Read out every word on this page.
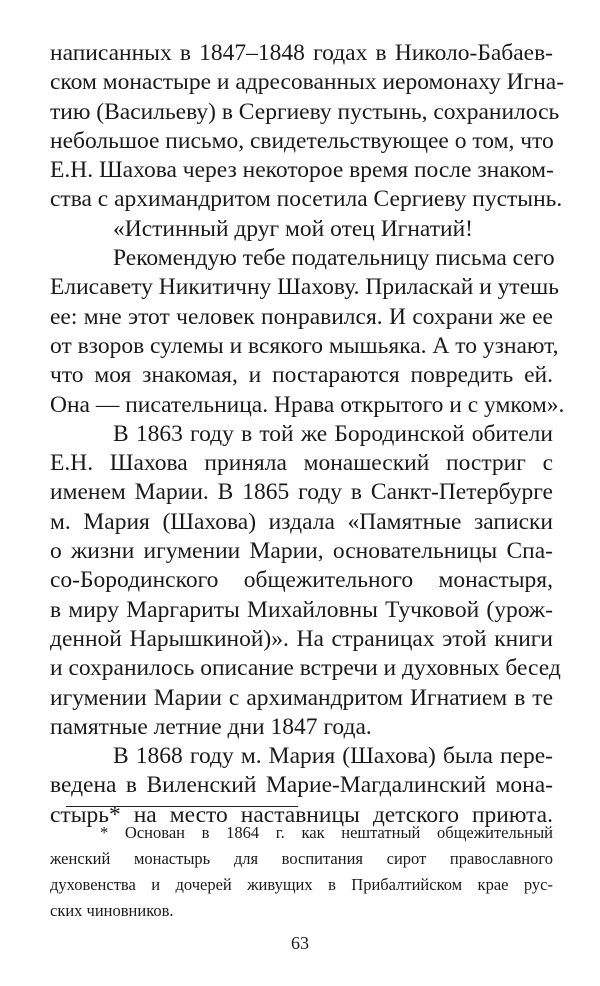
написанных в 1847–1848 годах в Николо-Бабаев-
ском монастыре и адресованных иеромонаху Игна-
тию (Васильеву) в Сергиеву пустынь, сохранилось
небольшое письмо, свидетельствующее о том, что
Е.Н. Шахова через некоторое время после знаком-
ства с архимандритом посетила Сергиеву пустынь.
«Истинный друг мой отец Игнатий!
Рекомендую тебе подательницу письма сего
Елисавету Никитичну Шахову. Приласкай и утешь
ее: мне этот человек понравился. И сохрани же ее
от взоров сулемы и всякого мышьяка. А то узнают,
что моя знакомая, и постараются повредить ей.
Она — писательница. Нрава открытого и с умком».
В 1863 году в той же Бородинской обители
Е.Н. Шахова приняла монашеский постриг с
именем Марии. В 1865 году в Санкт-Петербурге
м. Мария (Шахова) издала «Памятные записки
о жизни игумении Марии, основательницы Спа-
со-Бородинского общежительного монастыря,
в миру Маргариты Михайловны Тучковой (урож-
денной Нарышкиной)». На страницах этой книги
и сохранилось описание встречи и духовных бесед
игумении Марии с архимандритом Игнатием в те
памятные летние дни 1847 года.
В 1868 году м. Мария (Шахова) была пере-
ведена в Виленский Марие-Магдалинский мона-
стырь* на место наставницы детского приюта.
* Основан в 1864 г. как нештатный общежительный
женский монастырь для воспитания сирот православного
духовенства и дочерей живущих в Прибалтийском крае рус-
ских чиновников.
63
